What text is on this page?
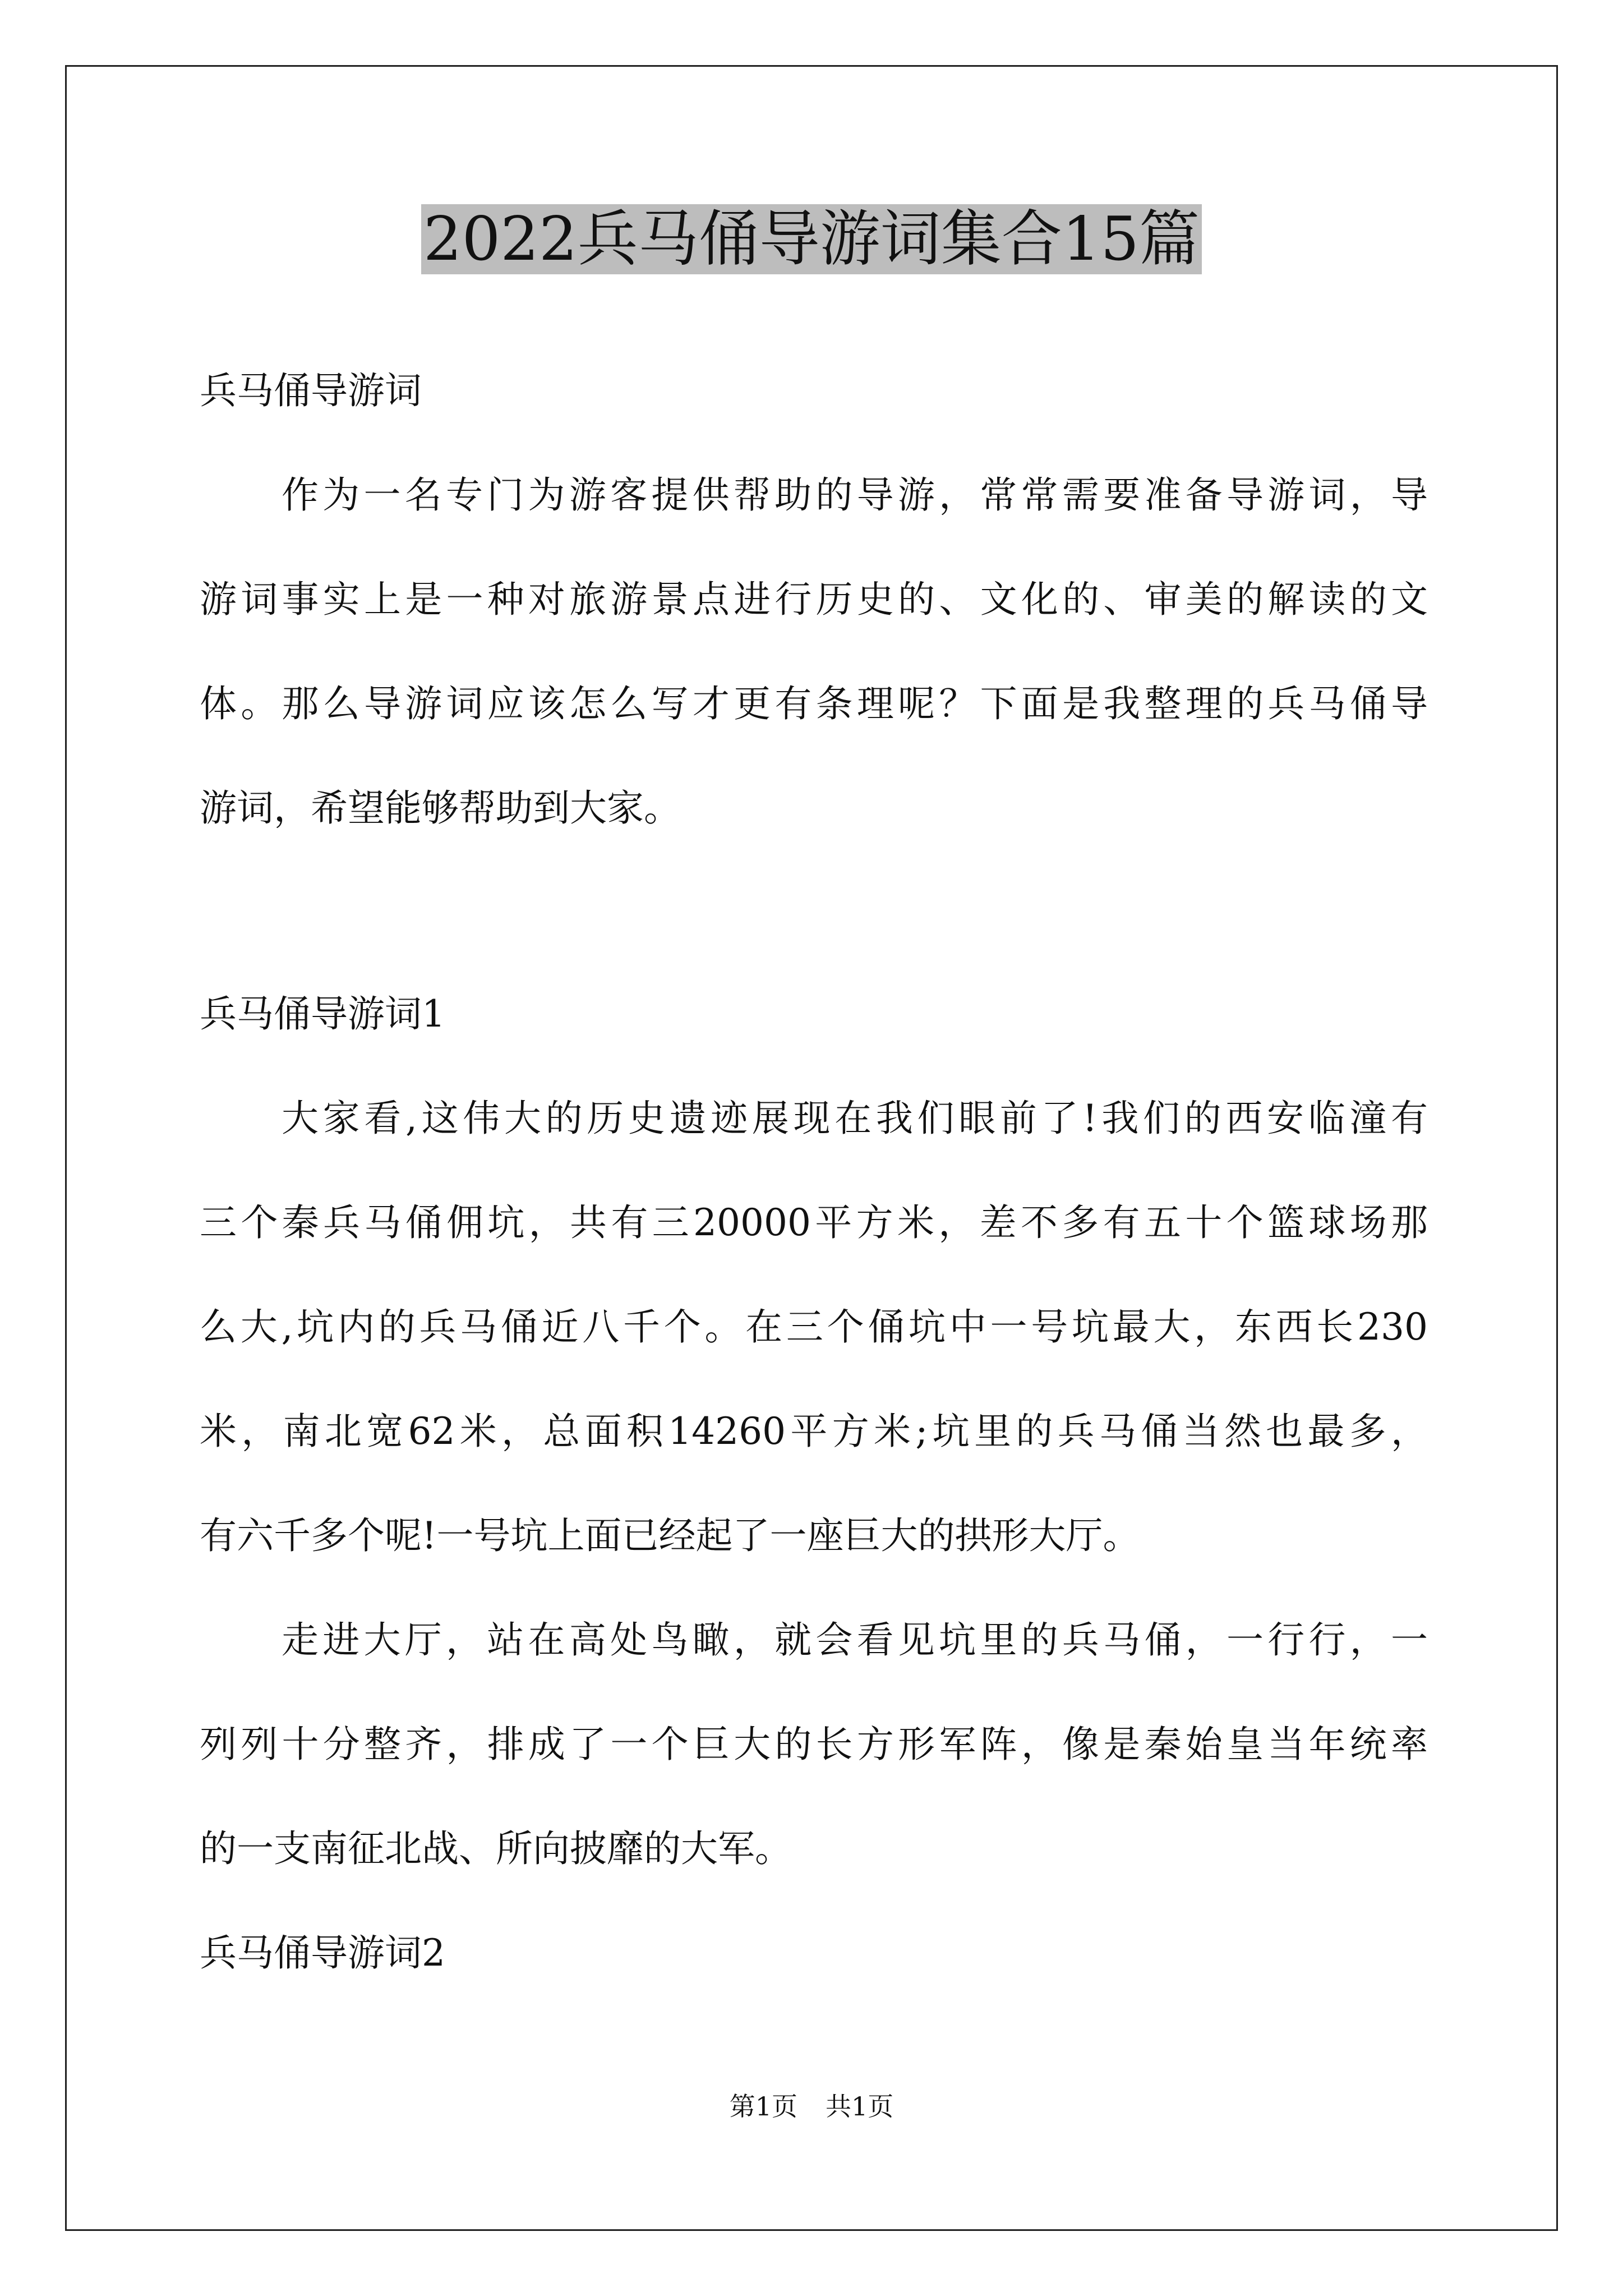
2022兵马俑导游词集合15篇
兵马俑导游词
作为一名专门为游客提供帮助的导游，常常需要准备导游词，导
游词事实上是一种对旅游景点进行历史的、文化的、审美的解读的文
体。那么导游词应该怎么写才更有条理呢？下面是我整理的兵马俑导
游词，希望能够帮助到大家。
兵马俑导游词1
大家看,这伟大的历史遗迹展现在我们眼前了!我们的西安临潼有
三个秦兵马俑佣坑，共有三20000平方米，差不多有五十个篮球场那
么大,坑内的兵马俑近八千个。在三个俑坑中一号坑最大，东西长230
米，南北宽62米，总面积14260平方米;坑里的兵马俑当然也最多，
有六千多个呢!一号坑上面已经起了一座巨大的拱形大厅。
走进大厅，站在高处鸟瞰，就会看见坑里的兵马俑，一行行，一
列列十分整齐，排成了一个巨大的长方形军阵，像是秦始皇当年统率
的一支南征北战、所向披靡的大军。
兵马俑导游词2
第1页 共1页
